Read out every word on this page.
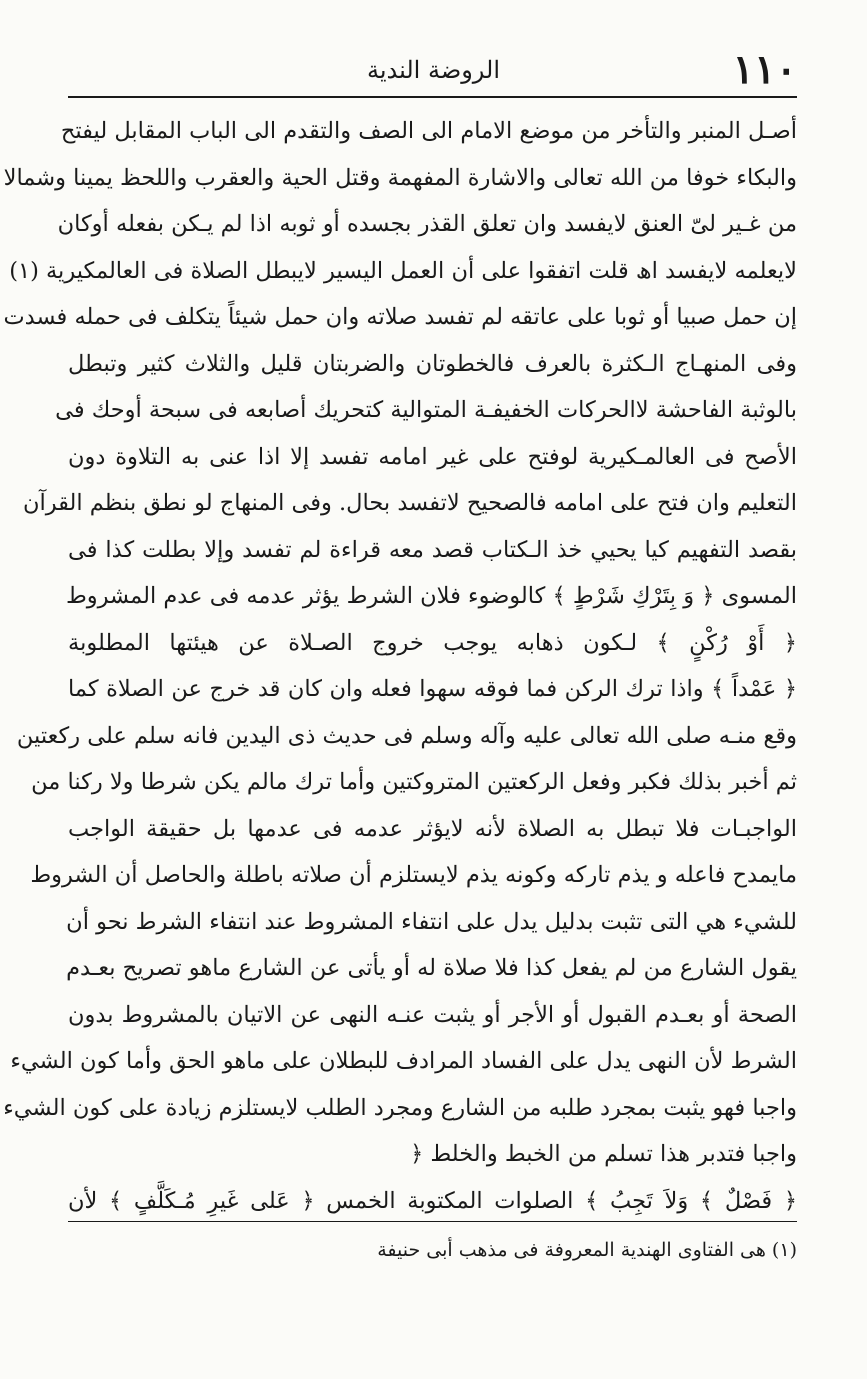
١١٠
الروضة الندية
أصـل المنبر والتأخر من موضع الامام الى الصف والتقدم الى الباب المقابل ليفتح
والبكاء خوفا من الله تعالى والاشارة المفهمة وقتل الحية والعقرب واللحظ يمينا وشمالا
من غـير لىّ العنق لايفسد وان تعلق القذر بجسده أو ثوبه اذا لم يـكن بفعله أوكان
لايعلمه لايفسد اھ قلت اتفقوا على أن العمل اليسير لايبطل الصلاة فى العالمكيرية (١)
إن حمل صبيا أو ثوبا على عاتقه لم تفسد صلاته وان حمل شيئاً يتكلف فى حمله فسدت
وفى المنهـاج الـكثرة بالعرف فالخطوتان والضربتان قليل والثلاث كثير وتبطل
بالوثبة الفاحشة لاالحركات الخفيفـة المتوالية كتحريك أصابعه فى سبحة أوحك فى
الأصح فى العالمـكيرية لوفتح على غير امامه تفسد إلا اذا عنى به التلاوة دون
التعليم وان فتح على امامه فالصحيح لاتفسد بحال. وفى المنهاج لو نطق بنظم القرآن
بقصد التفهيم كيا يحيي خذ الـكتاب قصد معه قراءة لم تفسد وإلا بطلت كذا فى
المسوى ﴿ وَ بِتَرْكِ شَرْطٍ ﴾ كالوضوء فلان الشرط يؤثر عدمه فى عدم المشروط
﴿ أَوْ رُكْنٍ ﴾ لـكون ذهابه يوجب خروج الصـلاة عن هيئتها المطلوبة
﴿ عَمْداً ﴾ واذا ترك الركن فما فوقه سهوا فعله وان كان قد خرج عن الصلاة كما
وقع منـه صلى الله تعالى عليه وآله وسلم فى حديث ذى اليدين فانه سلم على ركعتين
ثم أخبر بذلك فكبر وفعل الركعتين المتروكتين وأما ترك مالم يكن شرطا ولا ركنا من
الواجبـات فلا تبطل به الصلاة لأنه لايؤثر عدمه فى عدمها بل حقيقة الواجب
مايمدح فاعله و يذم تاركه وكونه يذم لايستلزم أن صلاته باطلة والحاصل أن الشروط
للشيء هي التى تثبت بدليل يدل على انتفاء المشروط عند انتفاء الشرط نحو أن
يقول الشارع من لم يفعل كذا فلا صلاة له أو يأتى عن الشارع ماهو تصريح بعـدم
الصحة أو بعـدم القبول أو الأجر أو يثبت عنـه النهى عن الاتيان بالمشروط بدون
الشرط لأن النهى يدل على الفساد المرادف للبطلان على ماهو الحق وأما كون الشيء
واجبا فهو يثبت بمجرد طلبه من الشارع ومجرد الطلب لايستلزم زيادة على كون الشيء
واجبا فتدبر هذا تسلم من الخبط والخلط ﴿
﴿ فَصْلٌ ﴾ وَلاَ تَجِبُ ﴾ الصلوات المكتوبة الخمس ﴿ عَلى غَيرِ مُـكَلَّفٍ ﴾ لأن
(١) هى الفتاوى الهندية المعروفة فى مذهب أبى حنيفة
